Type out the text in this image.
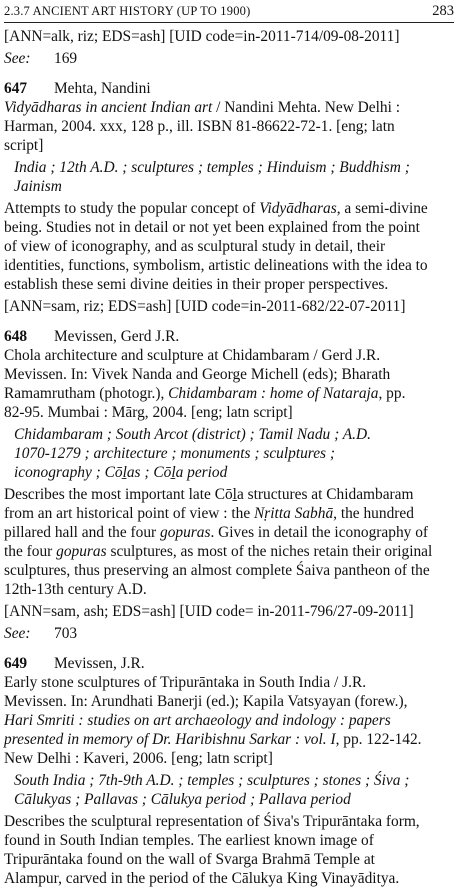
2.3.7 ANCIENT ART HISTORY (UP TO 1900)	283
[ANN=alk, riz; EDS=ash] [UID code=in-2011-714/09-08-2011]
See: 169
647 Mehta, Nandini
Vidyādharas in ancient Indian art / Nandini Mehta. New Delhi :
Harman, 2004. xxx, 128 p., ill. ISBN 81-86622-72-1. [eng; latn
script]
India ; 12th A.D. ; sculptures ; temples ; Hinduism ; Buddhism ;
Jainism
Attempts to study the popular concept of Vidyādharas, a semi-divine
being. Studies not in detail or not yet been explained from the point
of view of iconography, and as sculptural study in detail, their
identities, functions, symbolism, artistic delineations with the idea to
establish these semi divine deities in their proper perspectives.
[ANN=sam, riz; EDS=ash] [UID code=in-2011-682/22-07-2011]
648 Mevissen, Gerd J.R.
Chola architecture and sculpture at Chidambaram / Gerd J.R.
Mevissen. In: Vivek Nanda and George Michell (eds); Bharath
Ramamrutham (photogr.), Chidambaram : home of Nataraja, pp.
82-95. Mumbai : Mārg, 2004. [eng; latn script]
Chidambaram ; South Arcot (district) ; Tamil Nadu ; A.D.
1070-1279 ; architecture ; monuments ; sculptures ;
iconography ; Cōḻas ; Cōḻa period
Describes the most important late Cōḻa structures at Chidambaram
from an art historical point of view : the Nṛitta Sabhā, the hundred
pillared hall and the four gopuras. Gives in detail the iconography of
the four gopuras sculptures, as most of the niches retain their original
sculptures, thus preserving an almost complete Śaiva pantheon of the
12th-13th century A.D.
[ANN=sam, ash; EDS=ash] [UID code= in-2011-796/27-09-2011]
See: 703
649 Mevissen, J.R.
Early stone sculptures of Tripurāntaka in South India / J.R.
Mevissen. In: Arundhati Banerji (ed.); Kapila Vatsyayan (forew.),
Hari Smriti : studies on art archaeology and indology : papers
presented in memory of Dr. Haribishnu Sarkar : vol. I, pp. 122-142.
New Delhi : Kaveri, 2006. [eng; latn script]
South India ; 7th-9th A.D. ; temples ; sculptures ; stones ; Śiva ;
Cālukyas ; Pallavas ; Cālukya period ; Pallava period
Describes the sculptural representation of Śiva's Tripurāntaka form,
found in South Indian temples. The earliest known image of
Tripurāntaka found on the wall of Svarga Brahmā Temple at
Alampur, carved in the period of the Cālukya King Vinayāditya.
